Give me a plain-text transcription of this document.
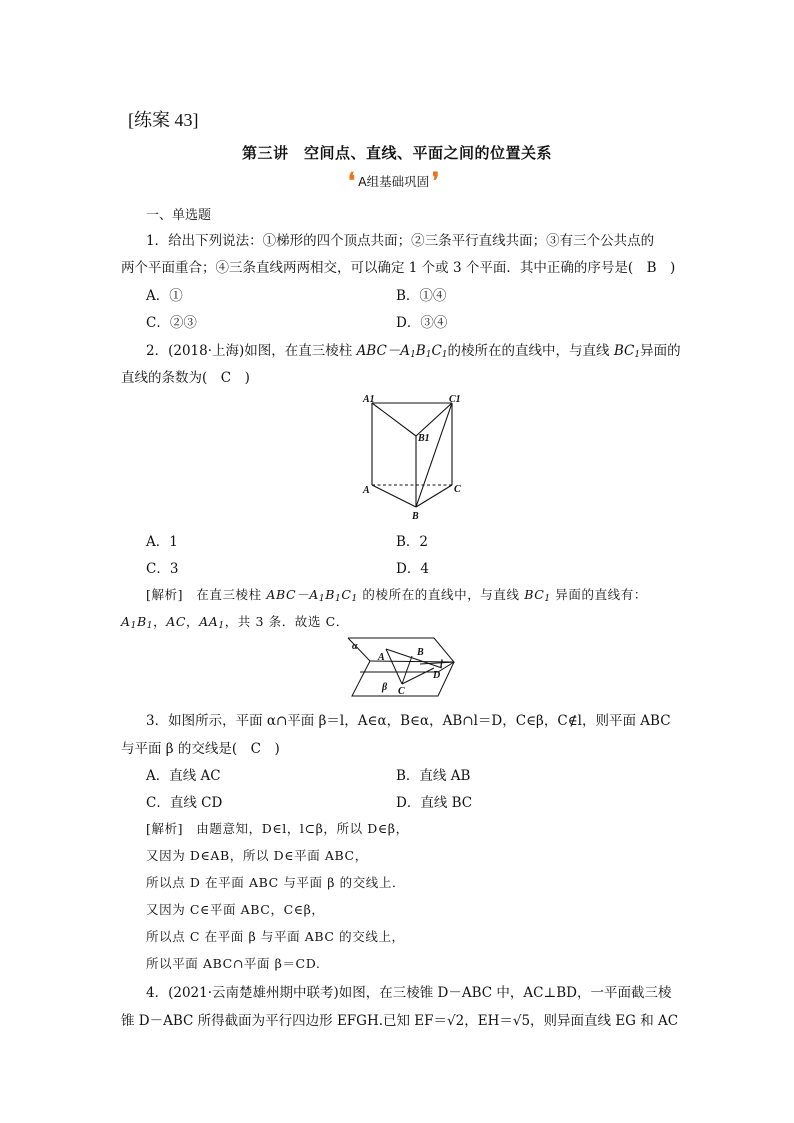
[练案 43]
第三讲　空间点、直线、平面之间的位置关系
❛ A组基础巩固 ❜
一、单选题
1．给出下列说法：①梯形的四个顶点共面；②三条平行直线共面；③有三个公共点的
两个平面重合；④三条直线两两相交，可以确定 1 个或 3 个平面．其中正确的序号是(　B　)
A．①	B．①④
C．②③	D．③④
2．(2018·上海)如图，在直三棱柱 $ABC-A_1B_1C_1$的棱所在的直线中，与直线 $BC_1$异面的
直线的条数为(　C　)
A1	C1
B1
A	C
B
A．1	B．2
C．3	D．4
[解析]　在直三棱柱 $ABC-A_1B_1C_1$ 的棱所在的直线中，与直线 $BC_1$ 异面的直线有：
$A_1B_1$，AC，$AA_1$，共 3 条．故选 C．
α
A	B
l
D
β C
3．如图所示，平面 α∩平面 β＝l，A∈α，B∈α，AB∩l＝D，C∈β，C∉l，则平面 ABC
与平面 β 的交线是(　C　)
A．直线 AC	B．直线 AB
C．直线 CD	D．直线 BC
[解析]　由题意知，D∈l，l⊂β，所以 D∈β，
又因为 D∈AB，所以 D∈平面 ABC，
所以点 D 在平面 ABC 与平面 β 的交线上．
又因为 C∈平面 ABC，C∈β，
所以点 C 在平面 β 与平面 ABC 的交线上，
所以平面 ABC∩平面 β＝CD.
4．(2021·云南楚雄州期中联考)如图，在三棱锥 D－ABC 中，AC⊥BD，一平面截三棱
锥 D－ABC 所得截面为平行四边形 EFGH.已知 EF＝√2，EH＝√5，则异面直线 EG 和 AC
